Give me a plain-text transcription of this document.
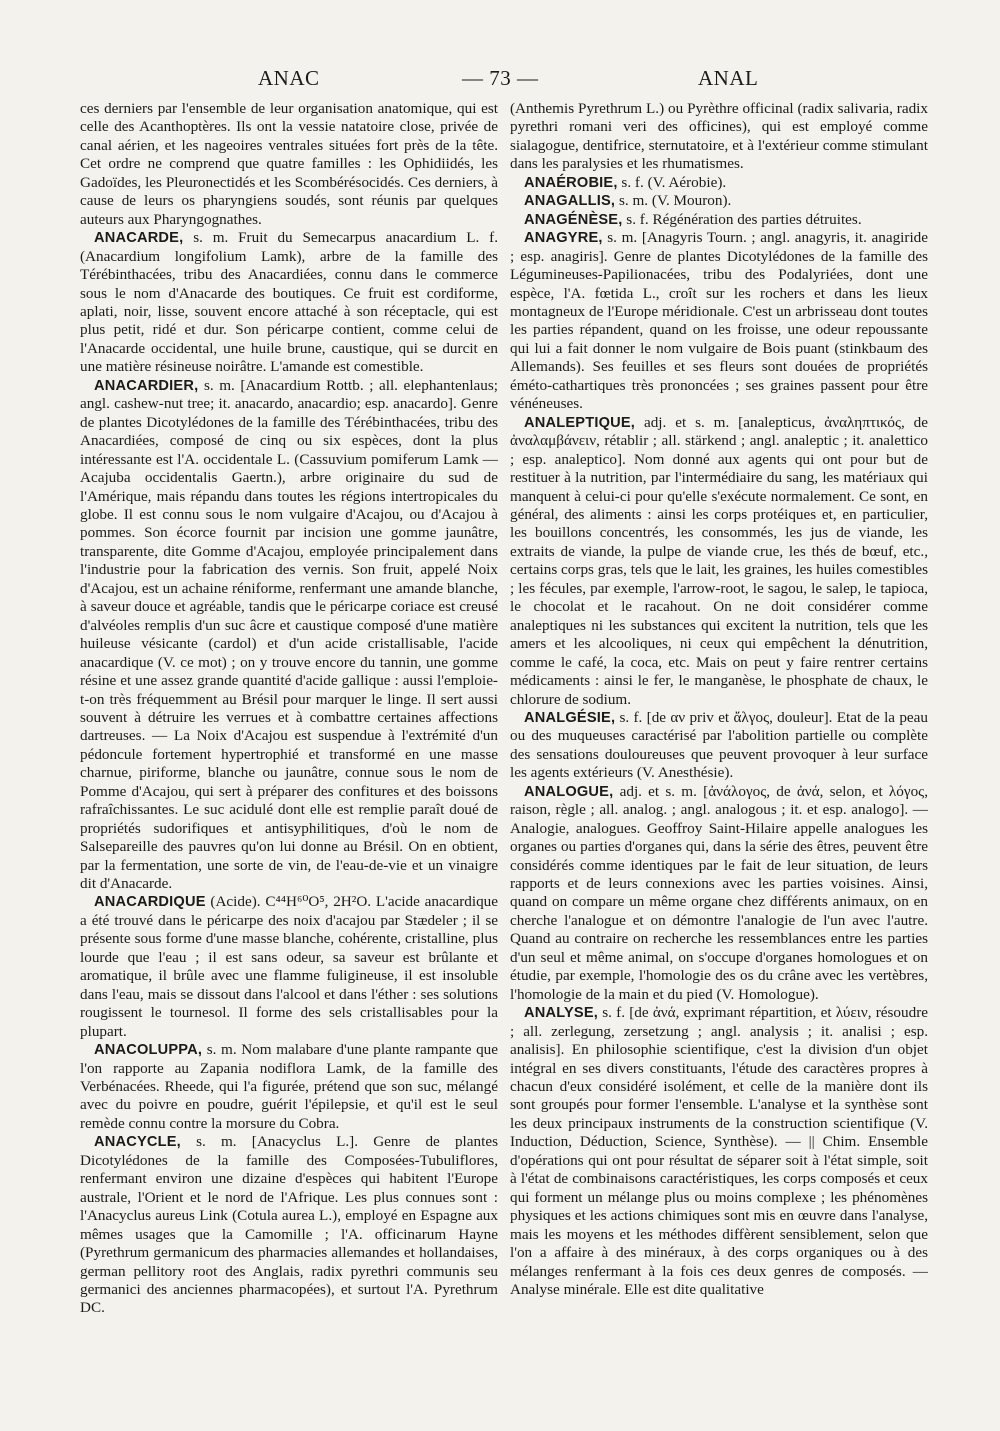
ANAC	— 73 —	ANAL

ces derniers par l'ensemble de leur organisation anatomique, qui est celle des Acanthoptères. Ils ont la vessie natatoire close, privée de canal aérien, et les nageoires ventrales situées fort près de la tête. Cet ordre ne comprend que quatre familles : les Ophidiidés, les Gadoïdes, les Pleuronectidés et les Scombérésocidés. Ces derniers, à cause de leurs os pharyngiens soudés, sont réunis par quelques auteurs aux Pharyngognathes.

ANACARDE, s. m. Fruit du Semecarpus anacardium L. f. (Anacardium longifolium Lamk), arbre de la famille des Térébinthacées, tribu des Anacardiées, connu dans le commerce sous le nom d'Anacarde des boutiques. Ce fruit est cordiforme, aplati, noir, lisse, souvent encore attaché à son réceptacle, qui est plus petit, ridé et dur. Son péricarpe contient, comme celui de l'Anacarde occidental, une huile brune, caustique, qui se durcit en une matière résineuse noirâtre. L'amande est comestible.

ANACARDIER, s. m. [Anacardium Rottb. ; all. elephantenlaus; angl. cashew-nut tree; it. anacardo, anacardio; esp. anacardo]. Genre de plantes Dicotylédones de la famille des Térébinthacées, tribu des Anacardiées, composé de cinq ou six espèces, dont la plus intéressante est l'A. occidentale L. (Cassuvium pomiferum Lamk — Acajuba occidentalis Gaertn.), arbre originaire du sud de l'Amérique, mais répandu dans toutes les régions intertropicales du globe. Il est connu sous le nom vulgaire d'Acajou, ou d'Acajou à pommes. Son écorce fournit par incision une gomme jaunâtre, transparente, dite Gomme d'Acajou, employée principalement dans l'industrie pour la fabrication des vernis. Son fruit, appelé Noix d'Acajou, est un achaine réniforme, renfermant une amande blanche, à saveur douce et agréable, tandis que le péricarpe coriace est creusé d'alvéoles remplis d'un suc âcre et caustique composé d'une matière huileuse vésicante (cardol) et d'un acide cristallisable, l'acide anacardique (V. ce mot) ; on y trouve encore du tannin, une gomme résine et une assez grande quantité d'acide gallique : aussi l'emploie-t-on très fréquemment au Brésil pour marquer le linge. Il sert aussi souvent à détruire les verrues et à combattre certaines affections dartreuses. — La Noix d'Acajou est suspendue à l'extrémité d'un pédoncule fortement hypertrophié et transformé en une masse charnue, piriforme, blanche ou jaunâtre, connue sous le nom de Pomme d'Acajou, qui sert à préparer des confitures et des boissons rafraîchissantes. Le suc acidulé dont elle est remplie paraît doué de propriétés sudorifiques et antisyphilitiques, d'où le nom de Salsepareille des pauvres qu'on lui donne au Brésil. On en obtient, par la fermentation, une sorte de vin, de l'eau-de-vie et un vinaigre dit d'Anacarde.

ANACARDIQUE (Acide). C⁴⁴H⁶⁰O⁵, 2H²O. L'acide anacardique a été trouvé dans le péricarpe des noix d'acajou par Stædeler ; il se présente sous forme d'une masse blanche, cohérente, cristalline, plus lourde que l'eau ; il est sans odeur, sa saveur est brûlante et aromatique, il brûle avec une flamme fuligineuse, il est insoluble dans l'eau, mais se dissout dans l'alcool et dans l'éther : ses solutions rougissent le tournesol. Il forme des sels cristallisables pour la plupart.

ANACOLUPPA, s. m. Nom malabare d'une plante rampante que l'on rapporte au Zapania nodiflora Lamk, de la famille des Verbénacées. Rheede, qui l'a figurée, prétend que son suc, mélangé avec du poivre en poudre, guérit l'épilepsie, et qu'il est le seul remède connu contre la morsure du Cobra.

ANACYCLE, s. m. [Anacyclus L.]. Genre de plantes Dicotylédones de la famille des Composées-Tubuliflores, renfermant environ une dizaine d'espèces qui habitent l'Europe australe, l'Orient et le nord de l'Afrique. Les plus connues sont : l'Anacyclus aureus Link (Cotula aurea L.), employé en Espagne aux mêmes usages que la Camomille ; l'A. officinarum Hayne (Pyrethrum germanicum des pharmacies allemandes et hollandaises, german pellitory root des Anglais, radix pyrethri communis seu germanici des anciennes pharmacopées), et surtout l'A. Pyrethrum DC.

(Anthemis Pyrethrum L.) ou Pyrèthre officinal (radix salivaria, radix pyrethri romani veri des officines), qui est employé comme sialagogue, dentifrice, sternutatoire, et à l'extérieur comme stimulant dans les paralysies et les rhumatismes.

ANAÉROBIE, s. f. (V. Aérobie).

ANAGALLIS, s. m. (V. Mouron).

ANAGÉNÈSE, s. f. Régénération des parties détruites.

ANAGYRE, s. m. [Anagyris Tourn. ; angl. anagyris, it. anagiride ; esp. anagiris]. Genre de plantes Dicotylédones de la famille des Légumineuses-Papilionacées, tribu des Podalyriées, dont une espèce, l'A. fœtida L., croît sur les rochers et dans les lieux montagneux de l'Europe méridionale. C'est un arbrisseau dont toutes les parties répandent, quand on les froisse, une odeur repoussante qui lui a fait donner le nom vulgaire de Bois puant (stinkbaum des Allemands). Ses feuilles et ses fleurs sont douées de propriétés éméto-cathartiques très prononcées ; ses graines passent pour être vénéneuses.

ANALEPTIQUE, adj. et s. m. [analepticus, ἀναληπτικός, de ἀναλαμβάνειν, rétablir ; all. stärkend ; angl. analeptic ; it. analettico ; esp. analeptico]. Nom donné aux agents qui ont pour but de restituer à la nutrition, par l'intermédiaire du sang, les matériaux qui manquent à celui-ci pour qu'elle s'exécute normalement. Ce sont, en général, des aliments : ainsi les corps protéiques et, en particulier, les bouillons concentrés, les consommés, les jus de viande, les extraits de viande, la pulpe de viande crue, les thés de bœuf, etc., certains corps gras, tels que le lait, les graines, les huiles comestibles ; les fécules, par exemple, l'arrow-root, le sagou, le salep, le tapioca, le chocolat et le racahout. On ne doit considérer comme analeptiques ni les substances qui excitent la nutrition, tels que les amers et les alcooliques, ni ceux qui empêchent la dénutrition, comme le café, la coca, etc. Mais on peut y faire rentrer certains médicaments : ainsi le fer, le manganèse, le phosphate de chaux, le chlorure de sodium.

ANALGÉSIE, s. f. [de αν priv et ἄλγος, douleur]. Etat de la peau ou des muqueuses caractérisé par l'abolition partielle ou complète des sensations douloureuses que peuvent provoquer à leur surface les agents extérieurs (V. Anesthésie).

ANALOGUE, adj. et s. m. [ἀνάλογος, de ἀνά, selon, et λόγος, raison, règle ; all. analog. ; angl. analogous ; it. et esp. analogo]. — Analogie, analogues. Geoffroy Saint-Hilaire appelle analogues les organes ou parties d'organes qui, dans la série des êtres, peuvent être considérés comme identiques par le fait de leur situation, de leurs rapports et de leurs connexions avec les parties voisines. Ainsi, quand on compare un même organe chez différents animaux, on en cherche l'analogue et on démontre l'analogie de l'un avec l'autre. Quand au contraire on recherche les ressemblances entre les parties d'un seul et même animal, on s'occupe d'organes homologues et on étudie, par exemple, l'homologie des os du crâne avec les vertèbres, l'homologie de la main et du pied (V. Homologue).

ANALYSE, s. f. [de ἀνά, exprimant répartition, et λύειν, résoudre ; all. zerlegung, zersetzung ; angl. analysis ; it. analisi ; esp. analisis]. En philosophie scientifique, c'est la division d'un objet intégral en ses divers constituants, l'étude des caractères propres à chacun d'eux considéré isolément, et celle de la manière dont ils sont groupés pour former l'ensemble. L'analyse et la synthèse sont les deux principaux instruments de la construction scientifique (V. Induction, Déduction, Science, Synthèse). — || Chim. Ensemble d'opérations qui ont pour résultat de séparer soit à l'état simple, soit à l'état de combinaisons caractéristiques, les corps composés et ceux qui forment un mélange plus ou moins complexe ; les phénomènes physiques et les actions chimiques sont mis en œuvre dans l'analyse, mais les moyens et les méthodes diffèrent sensiblement, selon que l'on a affaire à des minéraux, à des corps organiques ou à des mélanges renfermant à la fois ces deux genres de composés. — Analyse minérale. Elle est dite qualitative
